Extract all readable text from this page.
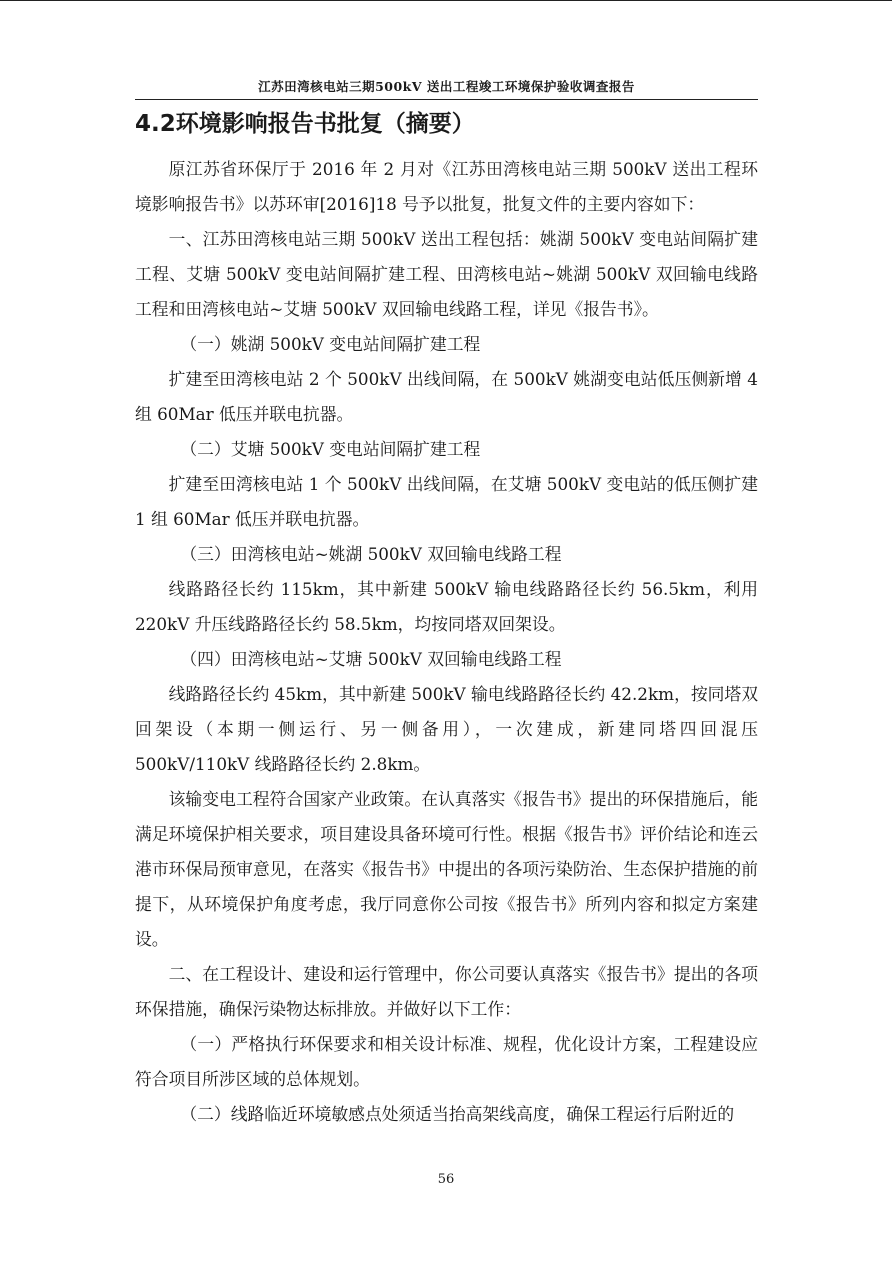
江苏田湾核电站三期500kV 送出工程竣工环境保护验收调查报告
4.2环境影响报告书批复（摘要）

原江苏省环保厅于 2016 年 2 月对《江苏田湾核电站三期 500kV 送出工程环境影响报告书》以苏环审[2016]18 号予以批复，批复文件的主要内容如下：

一、江苏田湾核电站三期 500kV 送出工程包括：姚湖 500kV 变电站间隔扩建工程、艾塘 500kV 变电站间隔扩建工程、田湾核电站~姚湖 500kV 双回输电线路工程和田湾核电站~艾塘 500kV 双回输电线路工程，详见《报告书》。

（一）姚湖 500kV 变电站间隔扩建工程

扩建至田湾核电站 2 个 500kV 出线间隔，在 500kV 姚湖变电站低压侧新增 4 组 60Mar 低压并联电抗器。

（二）艾塘 500kV 变电站间隔扩建工程

扩建至田湾核电站 1 个 500kV 出线间隔，在艾塘 500kV 变电站的低压侧扩建 1 组 60Mar 低压并联电抗器。

（三）田湾核电站~姚湖 500kV 双回输电线路工程

线路路径长约 115km，其中新建 500kV 输电线路路径长约 56.5km，利用 220kV 升压线路路径长约 58.5km，均按同塔双回架设。

（四）田湾核电站~艾塘 500kV 双回输电线路工程

线路路径长约 45km，其中新建 500kV 输电线路路径长约 42.2km，按同塔双回架设（本期一侧运行、另一侧备用），一次建成，新建同塔四回混压 500kV/110kV 线路路径长约 2.8km。

该输变电工程符合国家产业政策。在认真落实《报告书》提出的环保措施后，能满足环境保护相关要求，项目建设具备环境可行性。根据《报告书》评价结论和连云港市环保局预审意见，在落实《报告书》中提出的各项污染防治、生态保护措施的前提下，从环境保护角度考虑，我厅同意你公司按《报告书》所列内容和拟定方案建设。

二、在工程设计、建设和运行管理中，你公司要认真落实《报告书》提出的各项环保措施，确保污染物达标排放。并做好以下工作：

（一）严格执行环保要求和相关设计标准、规程，优化设计方案，工程建设应符合项目所涉区域的总体规划。

（二）线路临近环境敏感点处须适当抬高架线高度，确保工程运行后附近的

56
